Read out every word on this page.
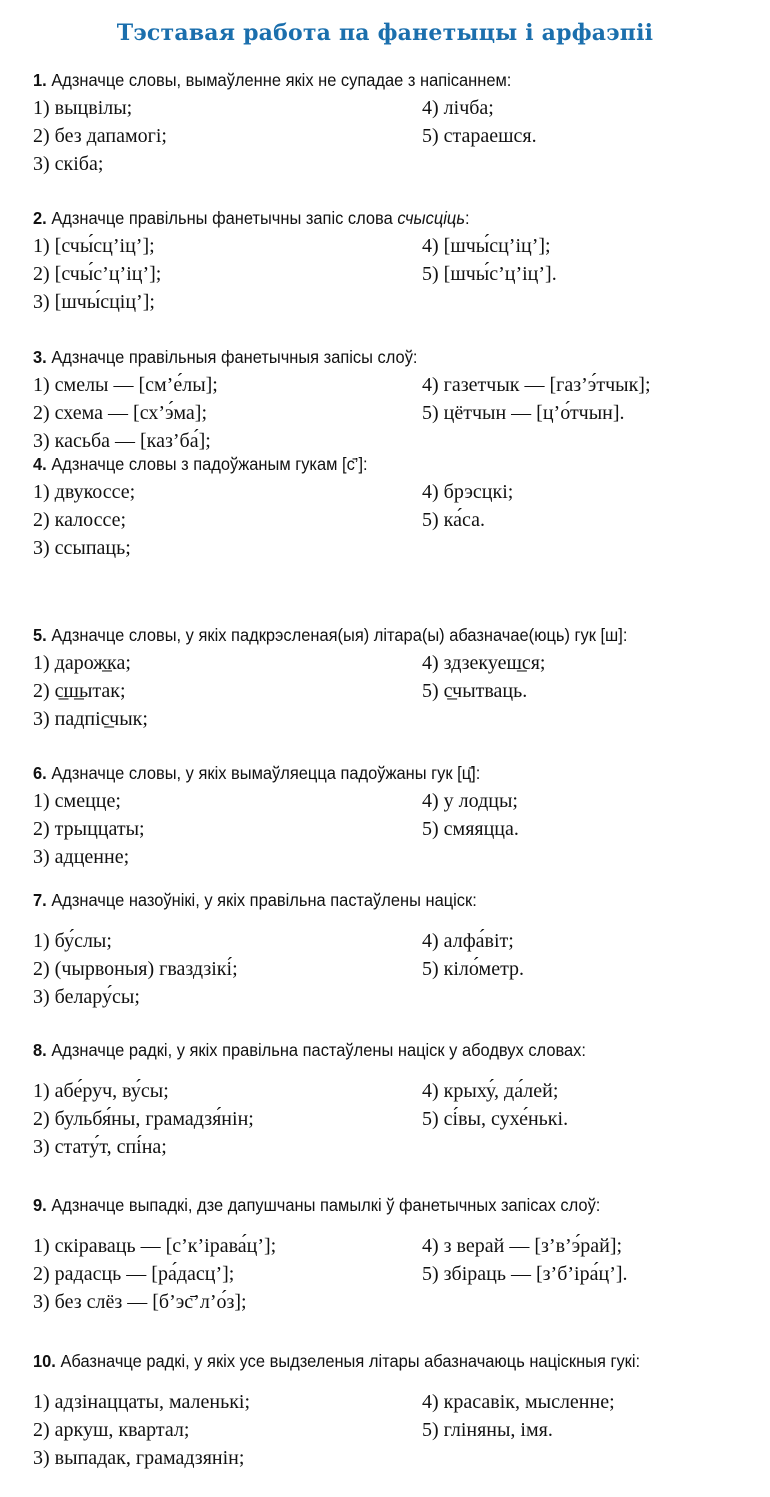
Тэставая работа па фанетыцы і арфаэпіі
1. Адзначце словы, вымаўленне якіх не супадае з напісаннем:
1) выцвілы;
2) без дапамогі;
3) скіба;
4) лічба;
5) стараешся.
2. Адзначце правільны фанетычны запіс слова счысціць:
1) [счы́сц’іц’];
2) [счы́с’ц’іц’];
3) [шчы́сціц’];
4) [шчы́сц’іц’];
5) [шчы́с’ц’іц’].
3. Адзначце правільныя фанетычныя запісы слоў:
1) смелы — [см’е́лы];
2) схема — [сх’э́ма];
3) касьба — [каз’ба́];
4) газетчык — [газ’э́тчык];
5) цётчын — [ц’о́тчын].
4. Адзначце словы з падоўжаным гукам [с̄’]:
1) двукоссе;
2) калоссе;
3) ссыпаць;
4) брэсцкі;
5) ка́са.
5. Адзначце словы, у якіх падкрэсленая(ыя) літара(ы) абазначае(юць) гук [ш]:
1) дарож̲ка;
2) с̲ш̲ытак;
3) падпіс̲чык;
4) здзекуеш̲ся;
5) с̲чытваць.
6. Адзначце словы, у якіх вымаўляецца падоўжаны гук [ц̄]:
1) смецце;
2) трыццаты;
3) адценне;
4) у лодцы;
5) смяяцца.
7. Адзначце назоўнікі, у якіх правільна пастаўлены націск:
1) бу́слы;
2) (чырвоныя) гваздзікі́;
3) белару́сы;
4) алфа́віт;
5) кіло́метр.
8. Адзначце радкі, у якіх правільна пастаўлены націск у абодвух словах:
1) абе́руч, ву́сы;
2) бульбя́ны, грамадзя́нін;
3) стату́т, спі́на;
4) крыху́, да́лей;
5) сі́вы, сухе́нькі.
9. Адзначце выпадкі, дзе дапушчаны памылкі ў фанетычных запісах слоў:
1) скіраваць — [с’к’ірава́ц’];
2) радасць — [ра́дасц’];
3) без слёз — [б’эс̄’л’о́з];
4) з верай — [з’в’э́рай];
5) збіраць — [з’б’іра́ц’].
10. Абазначце радкі, у якіх усе выдзеленыя літары абазначаюць націскныя гукі:
1) адзінаццаты, маленькі;
2) аркуш, квартал;
3) выпадак, грамадзянін;
4) красавік, мысленне;
5) гліняны, імя.
